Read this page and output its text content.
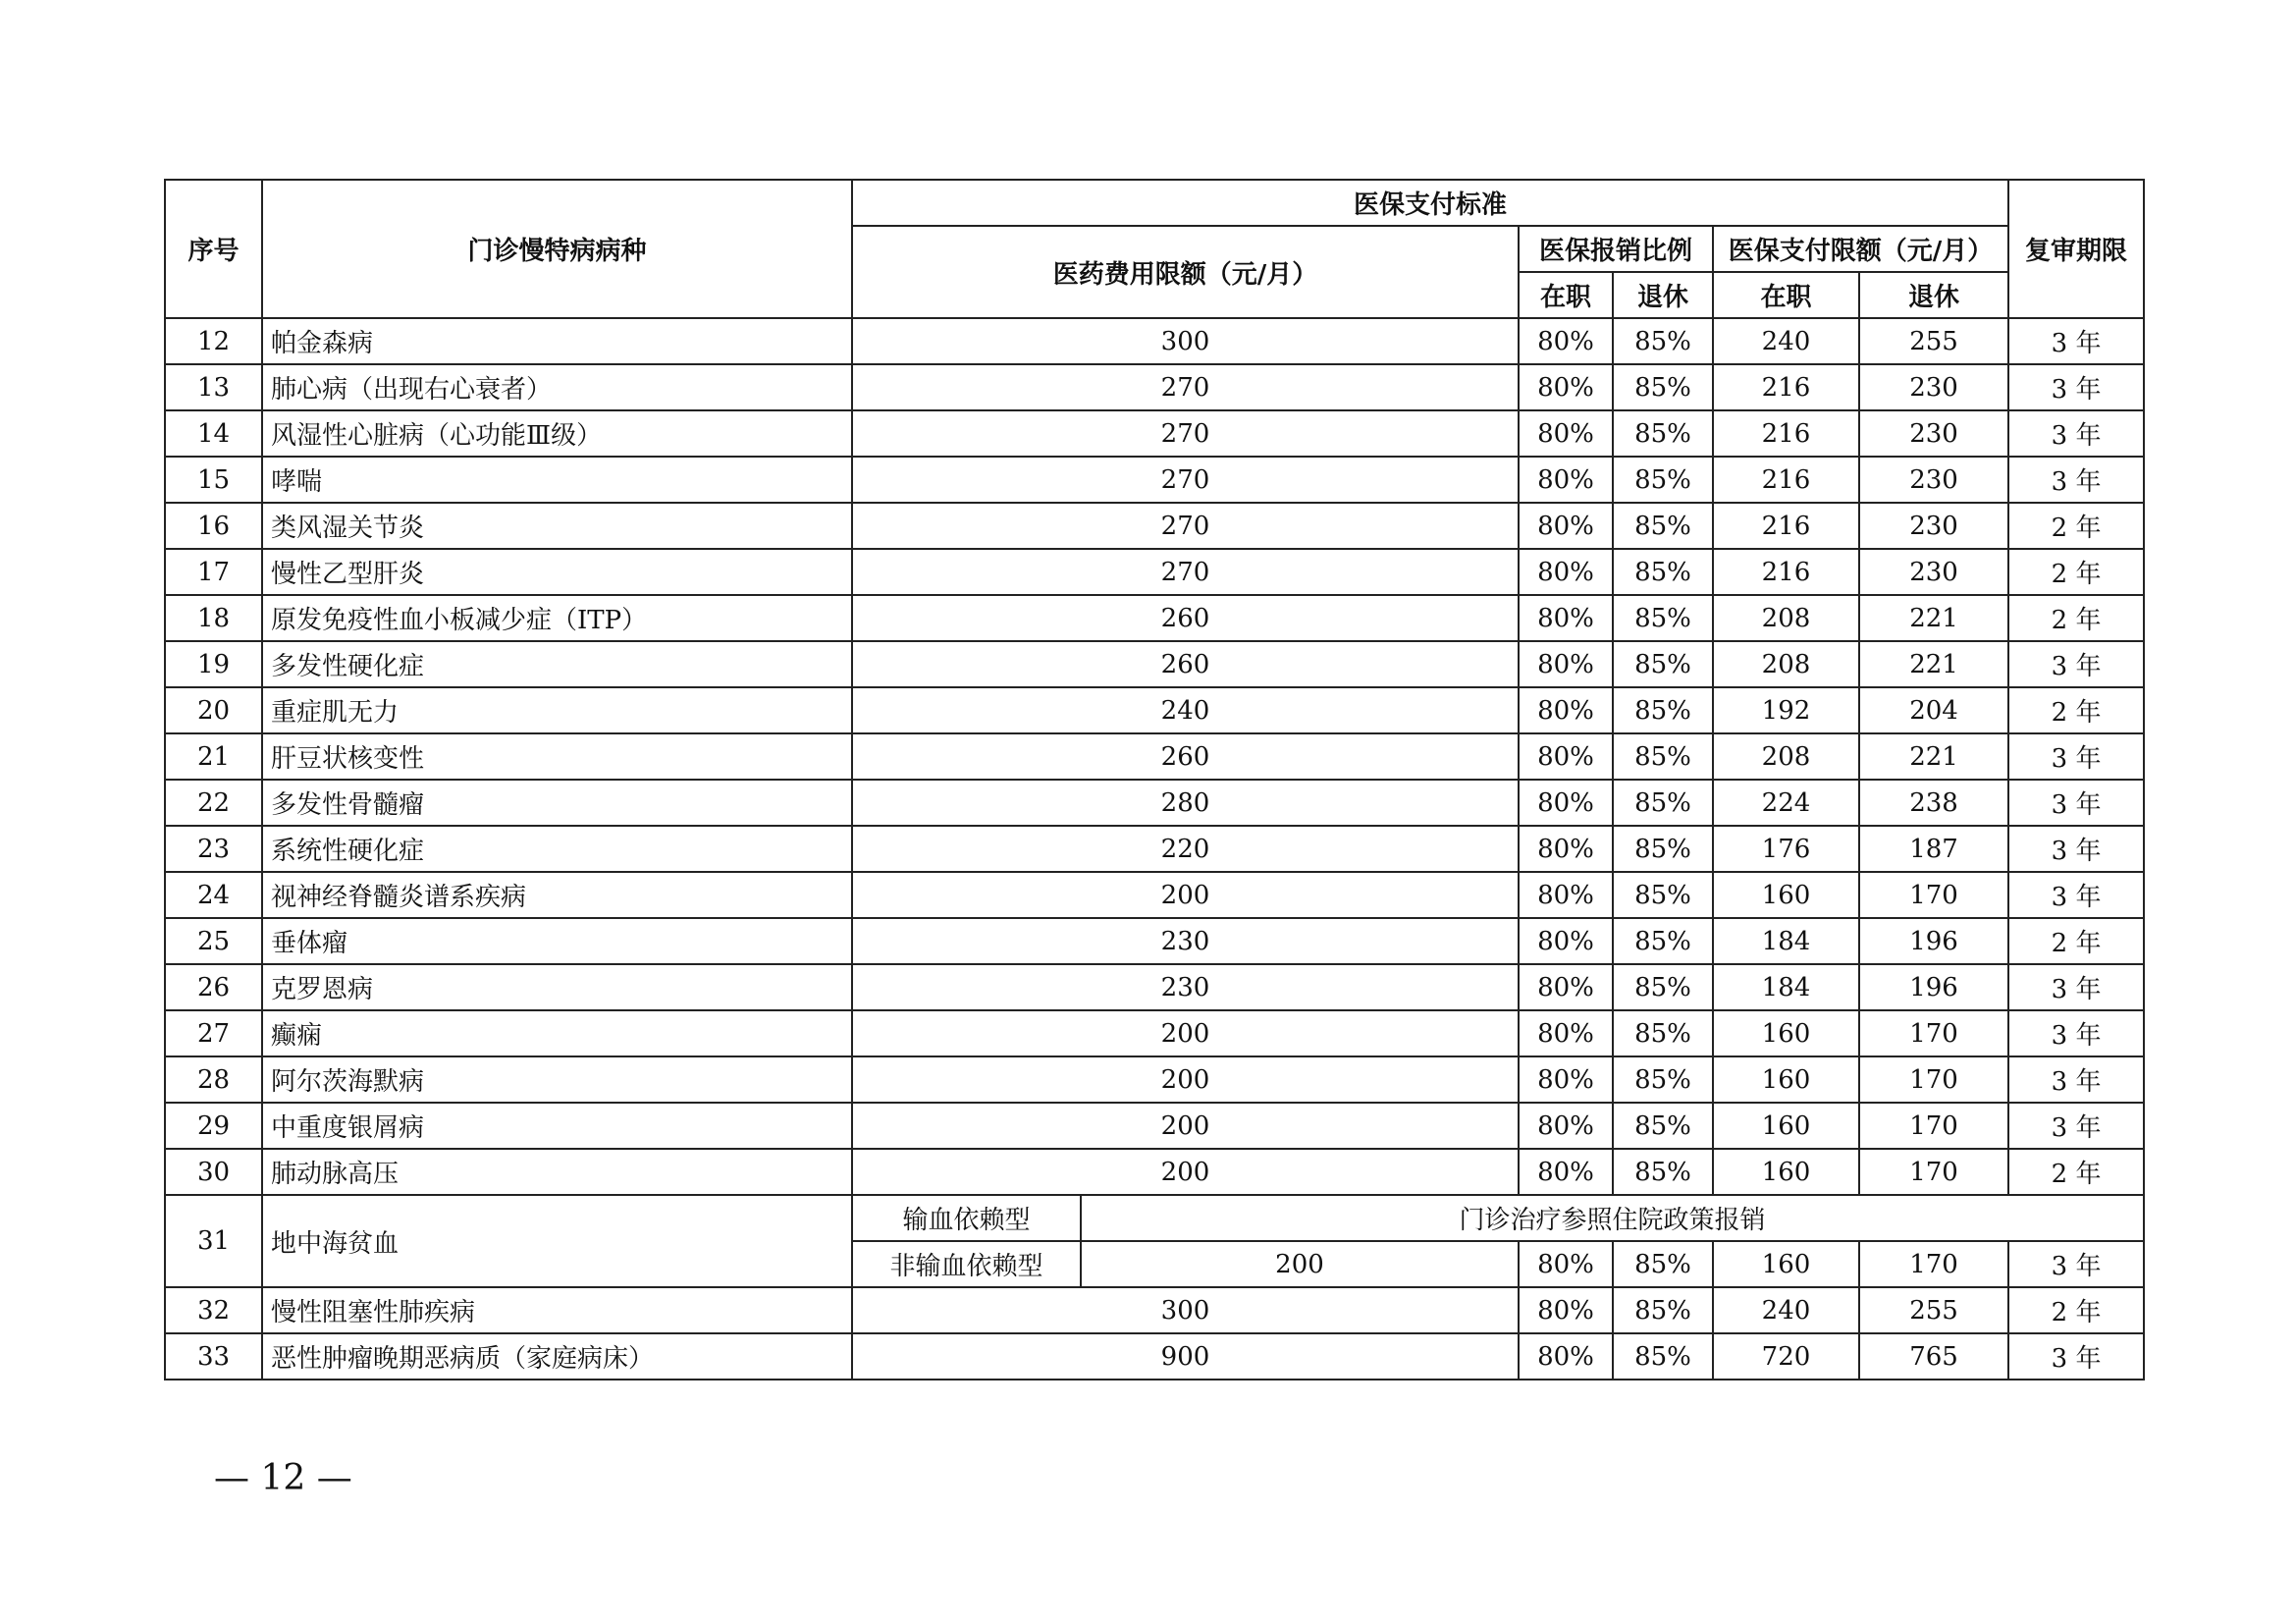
序号	门诊慢特病病种	医保支付标准						复审期限
		医药费用限额（元/月）		医保报销比例		医保支付限额（元/月）		
				在职	退休	在职	退休	
12	帕金森病	300		80%	85%	240	255	3 年
13	肺心病（出现右心衰者）	270		80%	85%	216	230	3 年
14	风湿性心脏病（心功能Ⅲ级）	270		80%	85%	216	230	3 年
15	哮喘	270		80%	85%	216	230	3 年
16	类风湿关节炎	270		80%	85%	216	230	2 年
17	慢性乙型肝炎	270		80%	85%	216	230	2 年
18	原发免疫性血小板减少症（ITP）	260		80%	85%	208	221	2 年
19	多发性硬化症	260		80%	85%	208	221	3 年
20	重症肌无力	240		80%	85%	192	204	2 年
21	肝豆状核变性	260		80%	85%	208	221	3 年
22	多发性骨髓瘤	280		80%	85%	224	238	3 年
23	系统性硬化症	220		80%	85%	176	187	3 年
24	视神经脊髓炎谱系疾病	200		80%	85%	160	170	3 年
25	垂体瘤	230		80%	85%	184	196	2 年
26	克罗恩病	230		80%	85%	184	196	3 年
27	癫痫	200		80%	85%	160	170	3 年
28	阿尔茨海默病	200		80%	85%	160	170	3 年
29	中重度银屑病	200		80%	85%	160	170	3 年
30	肺动脉高压	200		80%	85%	160	170	2 年
31	地中海贫血	输血依赖型	门诊治疗参照住院政策报销					
		非输血依赖型	200	80%	85%	160	170	3 年
32	慢性阻塞性肺疾病	300		80%	85%	240	255	2 年
33	恶性肿瘤晚期恶病质（家庭病床）	900		80%	85%	720	765	3 年
— 12 —
